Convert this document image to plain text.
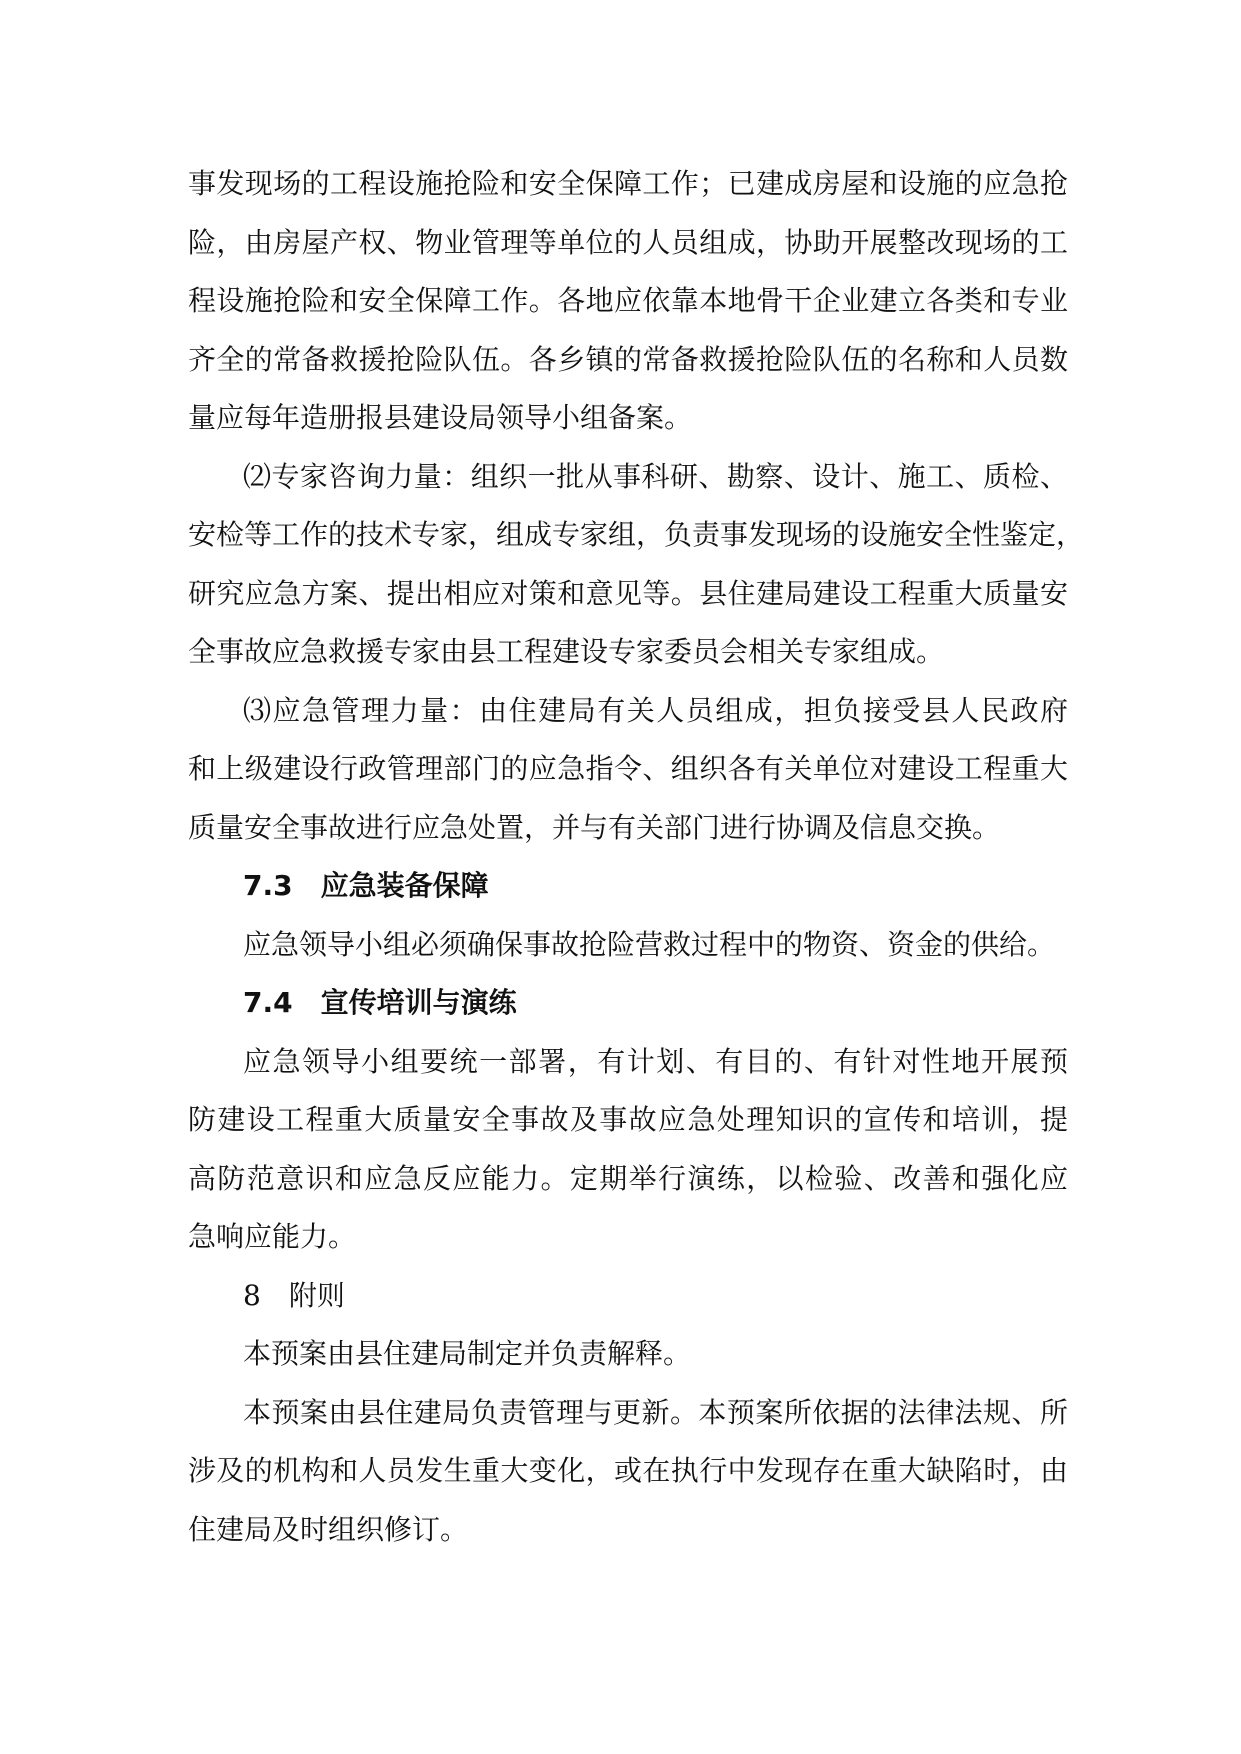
事发现场的工程设施抢险和安全保障工作；已建成房屋和设施的应急抢
险，由房屋产权、物业管理等单位的人员组成，协助开展整改现场的工
程设施抢险和安全保障工作。各地应依靠本地骨干企业建立各类和专业
齐全的常备救援抢险队伍。各乡镇的常备救援抢险队伍的名称和人员数
量应每年造册报县建设局领导小组备案。
⑵专家咨询力量：组织一批从事科研、勘察、设计、施工、质检、
安检等工作的技术专家，组成专家组，负责事发现场的设施安全性鉴定，
研究应急方案、提出相应对策和意见等。县住建局建设工程重大质量安
全事故应急救援专家由县工程建设专家委员会相关专家组成。
⑶应急管理力量：由住建局有关人员组成，担负接受县人民政府
和上级建设行政管理部门的应急指令、组织各有关单位对建设工程重大
质量安全事故进行应急处置，并与有关部门进行协调及信息交换。
7.3　应急装备保障
应急领导小组必须确保事故抢险营救过程中的物资、资金的供给。
7.4　宣传培训与演练
应急领导小组要统一部署，有计划、有目的、有针对性地开展预
防建设工程重大质量安全事故及事故应急处理知识的宣传和培训，提
高防范意识和应急反应能力。定期举行演练，以检验、改善和强化应
急响应能力。
8　附则
本预案由县住建局制定并负责解释。
本预案由县住建局负责管理与更新。本预案所依据的法律法规、所
涉及的机构和人员发生重大变化，或在执行中发现存在重大缺陷时，由
住建局及时组织修订。
